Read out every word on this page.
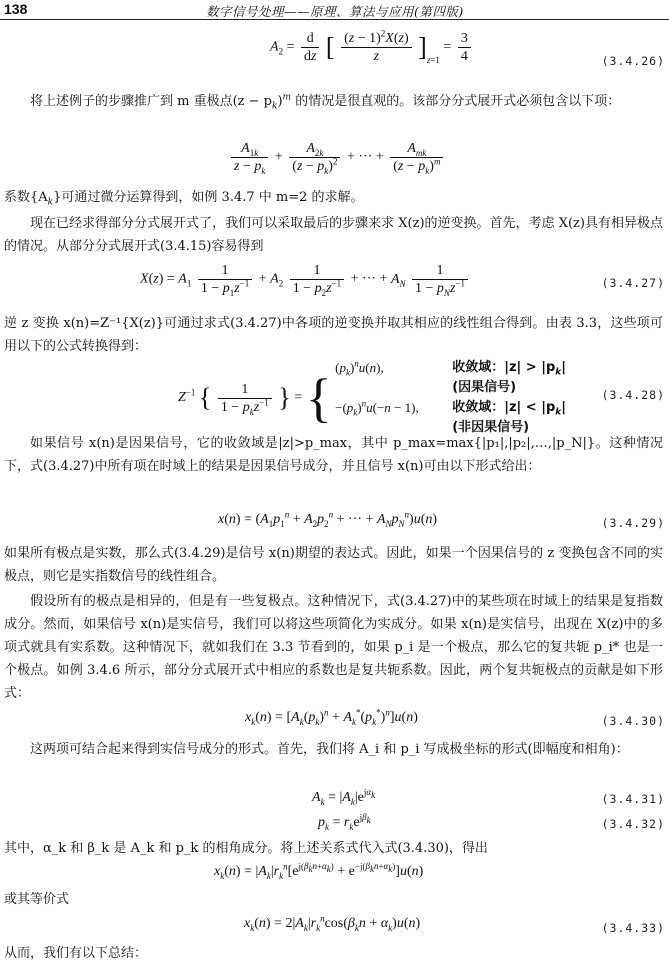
138	数字信号处理——原理、算法与应用(第四版)
$A_2 = \frac{d}{dz}$ [ $\frac{(z - 1)^2X(z)}{z} ]_{z=1} = \frac{3}{4}$	(3.4.26)
将上述例子的步骤推广到 m 重极点$(z - p_k)^m$ 的情况是很直观的。该部分分式展开式必须包含以下项：
$\frac{A_{1k}}{z - p_k} + \frac{A_{2k}}{(z - p_k)^2}$ + ··· + $\frac{A_{mk}}{(z - p_k)^m}$
系数$\{A_k\}$可通过微分运算得到，如例 3.4.7 中 m=2 的求解。
现在已经求得部分分式展开式了，我们可以采取最后的步骤来求 X(z)的逆变换。首先，考虑 X(z)具有相异极点的情况。从部分分式展开式(3.4.15)容易得到
$X(z) = A_1 \frac{1}{1 - p_1z^{-1}} + A_2 \frac{1}{1 - p_2z^{-1}}$ + ··· + $A_N \frac{1}{1 - p_Nz^{-1}}$	(3.4.27)
逆 z 变换 x(n)=Z⁻¹{X(z)}可通过求式(3.4.27)中各项的逆变换并取其相应的线性组合得到。由表 3.3，这些项可用以下的公式转换得到：
$Z^{-1}$ { $\frac{1}{1 - p_kz^{-1}}$ } = {
$(p_k)^nu(n)$,

$-(p_k)^nu(-n - 1)$,

收敛域：$|z| > |p_k|$
(因果信号)
收敛域：$|z| < |p_k|$
(非因果信号)
(3.4.28)
如果信号 x(n)是因果信号，它的收敛域是|z|>p_max，其中 p_max=max{|p₁|,|p₂|,…,|p_N|}。这种情况下，式(3.4.27)中所有项在时域上的结果是因果信号成分，并且信号 x(n)可由以下形式给出：
$x(n) = (A_1p_1^n + A_2p_2^n$ + ··· + $A_Np_N^n)u(n)$	(3.4.29)
如果所有极点是实数，那么式(3.4.29)是信号 x(n)期望的表达式。因此，如果一个因果信号的 z 变换包含不同的实极点，则它是实指数信号的线性组合。
假设所有的极点是相异的，但是有一些复极点。这种情况下，式(3.4.27)中的某些项在时域上的结果是复指数成分。然而，如果信号 x(n)是实信号，我们可以将这些项简化为实成分。如果 x(n)是实信号，出现在 X(z)中的多项式就具有实系数。这种情况下，就如我们在 3.3 节看到的，如果 p_i 是一个极点，那么它的复共轭 p_i* 也是一个极点。如例 3.4.6 所示，部分分式展开式中相应的系数也是复共轭系数。因此，两个复共轭极点的贡献是如下形式：
$x_k(n) = [A_k(p_k)^n + A_k^*(p_k^*)^n]u(n)$	(3.4.30)
这两项可结合起来得到实信号成分的形式。首先，我们将 A_i 和 p_i 写成极坐标的形式(即幅度和相角)：
$A_k = |A_k|e^{j\alpha_k}$	(3.4.31)
$p_k = r_ke^{j\beta_k}$	(3.4.32)
其中，α_k 和 β_k 是 A_k 和 p_k 的相角成分。将上述关系式代入式(3.4.30)，得出
$x_k(n) = |A_k|r_k^n[e^{j(\beta_kn+\alpha_k)} + e^{-j(\beta_kn+\alpha_k)}]u(n)$
或其等价式
$x_k(n) = 2|A_k|r_k^n\cos(\beta_kn + \alpha_k)u(n)$	(3.4.33)
从而，我们有以下总结：
